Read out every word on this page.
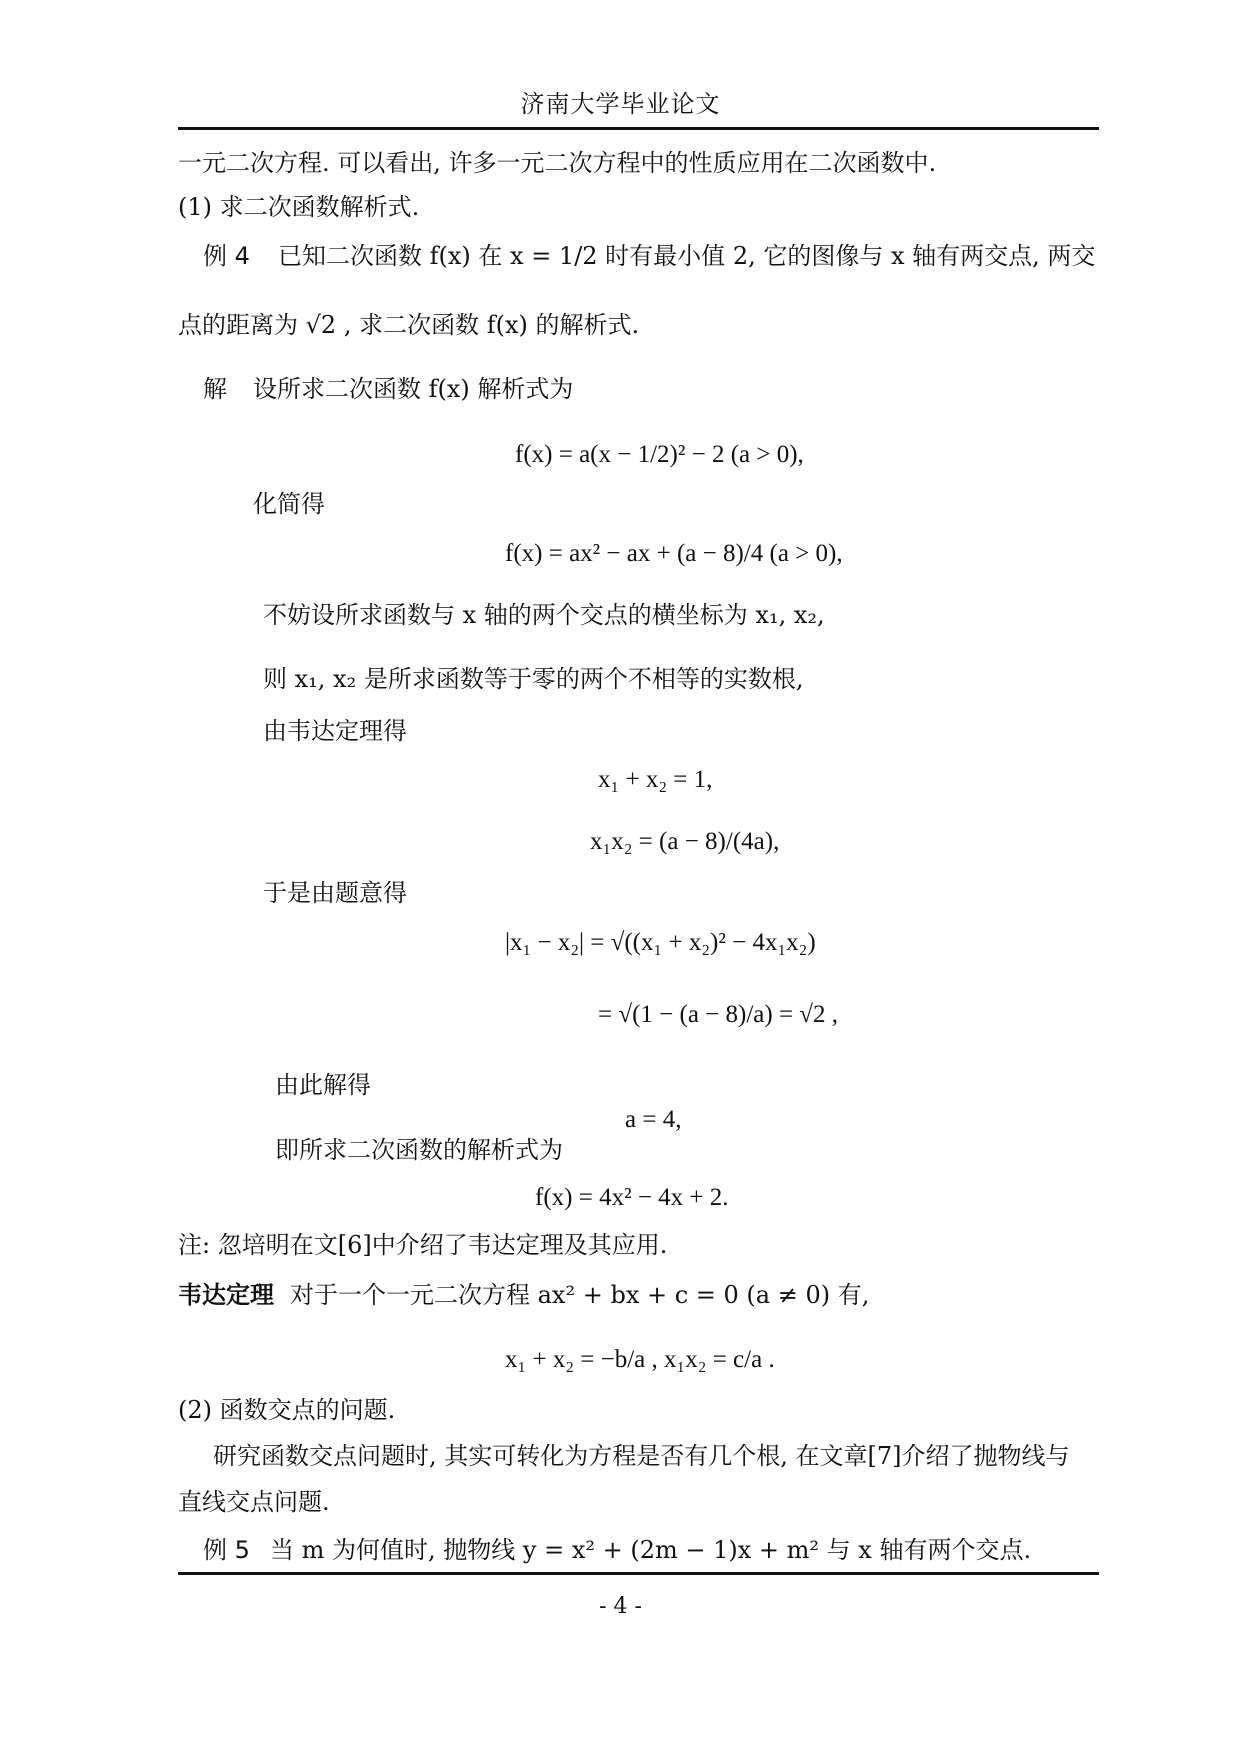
济南大学毕业论文
一元二次方程. 可以看出, 许多一元二次方程中的性质应用在二次函数中.
(1) 求二次函数解析式.
例 4 已知二次函数 f(x) 在 x = 1/2 时有最小值 2, 它的图像与 x 轴有两交点, 两交
点的距离为 √2 , 求二次函数 f(x) 的解析式.
解 设所求二次函数 f(x) 解析式为
f(x) = a(x − 1/2)² − 2 (a > 0),
化简得
f(x) = ax² − ax + (a − 8)/4 (a > 0),
不妨设所求函数与 x 轴的两个交点的横坐标为 x₁, x₂,
则 x₁, x₂ 是所求函数等于零的两个不相等的实数根,
由韦达定理得
x₁ + x₂ = 1,
x₁x₂ = (a − 8)/(4a),
于是由题意得
|x₁ − x₂| = √((x₁ + x₂)² − 4x₁x₂)
= √(1 − (a − 8)/a) = √2 ,
由此解得
a = 4,
即所求二次函数的解析式为
f(x) = 4x² − 4x + 2.
注: 忽培明在文[6]中介绍了韦达定理及其应用.
韦达定理 对于一个一元二次方程 ax² + bx + c = 0 (a ≠ 0) 有,
x₁ + x₂ = −b/a , x₁x₂ = c/a .
(2) 函数交点的问题.
研究函数交点问题时, 其实可转化为方程是否有几个根, 在文章[7]介绍了抛物线与
直线交点问题.
例 5 当 m 为何值时, 抛物线 y = x² + (2m − 1)x + m² 与 x 轴有两个交点.
- 4 -
